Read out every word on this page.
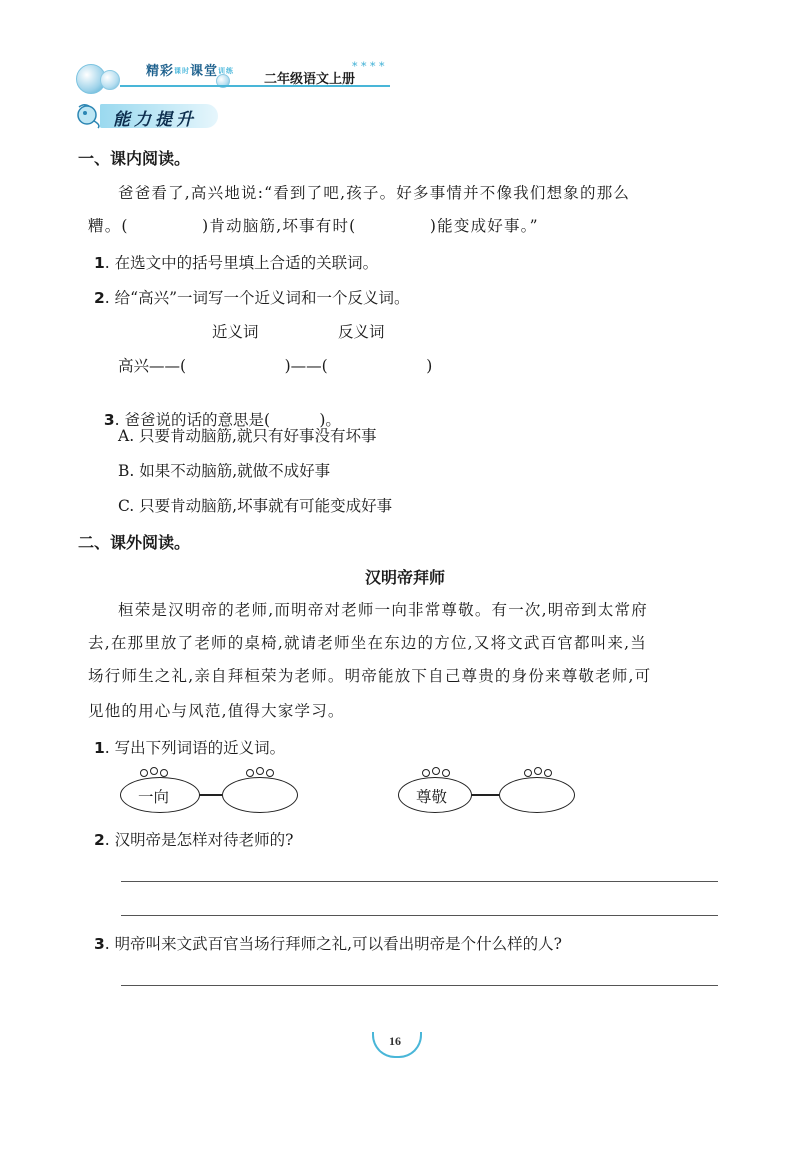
精彩课时课堂训练
二年级语文上册
* * * *
能力提升
一、课内阅读。
爸爸看了,高兴地说:“看到了吧,孩子。好多事情并不像我们想象的那么
糟。(            )肯动脑筋,坏事有时(            )能变成好事。”
1. 在选文中的括号里填上合适的关联词。
2. 给“高兴”一词写一个近义词和一个反义词。
近义词	反义词
高兴——(                    )——(                    )

3. 爸爸说的话的意思是(          )。

A. 只要肯动脑筋,就只有好事没有坏事
B. 如果不动脑筋,就做不成好事
C. 只要肯动脑筋,坏事就有可能变成好事
二、课外阅读。
汉明帝拜师
桓荣是汉明帝的老师,而明帝对老师一向非常尊敬。有一次,明帝到太常府
去,在那里放了老师的桌椅,就请老师坐在东边的方位,又将文武百官都叫来,当
场行师生之礼,亲自拜桓荣为老师。明帝能放下自己尊贵的身份来尊敬老师,可
见他的用心与风范,值得大家学习。
1. 写出下列词语的近义词。
一向	尊敬
2. 汉明帝是怎样对待老师的?
3. 明帝叫来文武百官当场行拜师之礼,可以看出明帝是个什么样的人?
16
